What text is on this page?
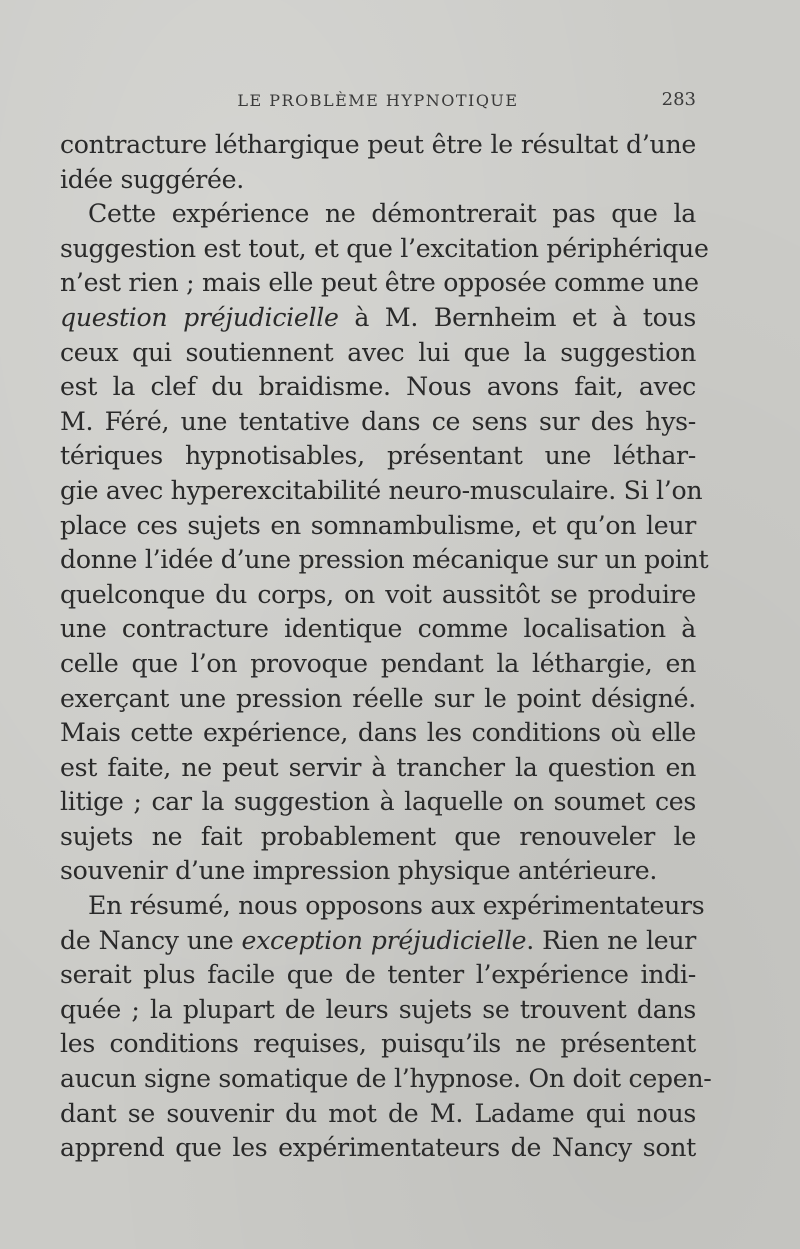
LE PROBLÈME HYPNOTIQUE	283
contracture léthargique peut être le résultat d’une
idée suggérée.
Cette expérience ne démontrerait pas que la
suggestion est tout, et que l’excitation périphérique
n’est rien ; mais elle peut être opposée comme une
question préjudicielle à M. Bernheim et à tous
ceux qui soutiennent avec lui que la suggestion
est la clef du braidisme. Nous avons fait, avec
M. Féré, une tentative dans ce sens sur des hys-
tériques hypnotisables, présentant une léthar-
gie avec hyperexcitabilité neuro-musculaire. Si l’on
place ces sujets en somnambulisme, et qu’on leur
donne l’idée d’une pression mécanique sur un point
quelconque du corps, on voit aussitôt se produire
une contracture identique comme localisation à
celle que l’on provoque pendant la léthargie, en
exerçant une pression réelle sur le point désigné.
Mais cette expérience, dans les conditions où elle
est faite, ne peut servir à trancher la question en
litige ; car la suggestion à laquelle on soumet ces
sujets ne fait probablement que renouveler le
souvenir d’une impression physique antérieure.
En résumé, nous opposons aux expérimentateurs
de Nancy une exception préjudicielle. Rien ne leur
serait plus facile que de tenter l’expérience indi-
quée ; la plupart de leurs sujets se trouvent dans
les conditions requises, puisqu’ils ne présentent
aucun signe somatique de l’hypnose. On doit cepen-
dant se souvenir du mot de M. Ladame qui nous
apprend que les expérimentateurs de Nancy sont
